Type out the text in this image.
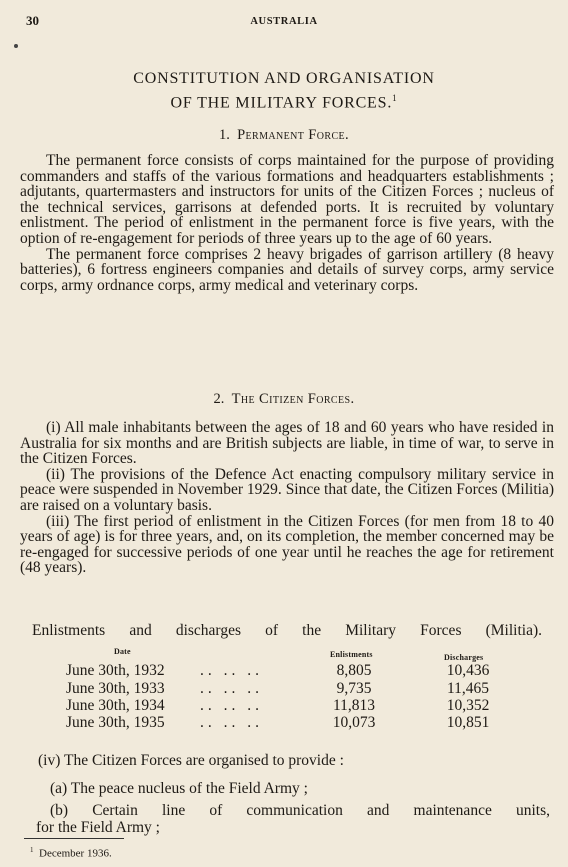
30	AUSTRALIA
CONSTITUTION AND ORGANISATION
OF THE MILITARY FORCES.$^1$
1. Permanent Force.

The permanent force consists of corps maintained for the purpose of providing commanders and staffs of the various formations and headquarters establishments ; adjutants, quartermasters and instructors for units of the Citizen Forces ; nucleus of the technical services, garrisons at defended ports. It is recruited by voluntary enlistment. The period of enlistment in the permanent force is five years, with the option of re-engagement for periods of three years up to the age of 60 years.

The permanent force comprises 2 heavy brigades of garrison artillery (8 heavy batteries), 6 fortress engineers companies and details of survey corps, army service corps, army ordnance corps, army medical and veterinary corps.

2. The Citizen Forces.

(i) All male inhabitants between the ages of 18 and 60 years who have resided in Australia for six months and are British subjects are liable, in time of war, to serve in the Citizen Forces.

(ii) The provisions of the Defence Act enacting compulsory military service in peace were suspended in November 1929. Since that date, the Citizen Forces (Militia) are raised on a voluntary basis.

(iii) The first period of enlistment in the Citizen Forces (for men from 18 to 40 years of age) is for three years, and, on its completion, the member concerned may be re-engaged for successive periods of one year until he reaches the age for retirement (48 years).

Enlistments and discharges of the Military Forces (Militia).
Date	Enlistments	Discharges
June 30th, 1932 .. .. ..	8,805	10,436
June 30th, 1933 .. .. ..	9,735	11,465
June 30th, 1934 .. .. ..	11,813	10,352
June 30th, 1935 .. .. ..	10,073	10,851
(iv) The Citizen Forces are organised to provide :
(a) The peace nucleus of the Field Army ;
(b) Certain line of communication and maintenance units,
for the Field Army ;
$^1$ December 1936.
